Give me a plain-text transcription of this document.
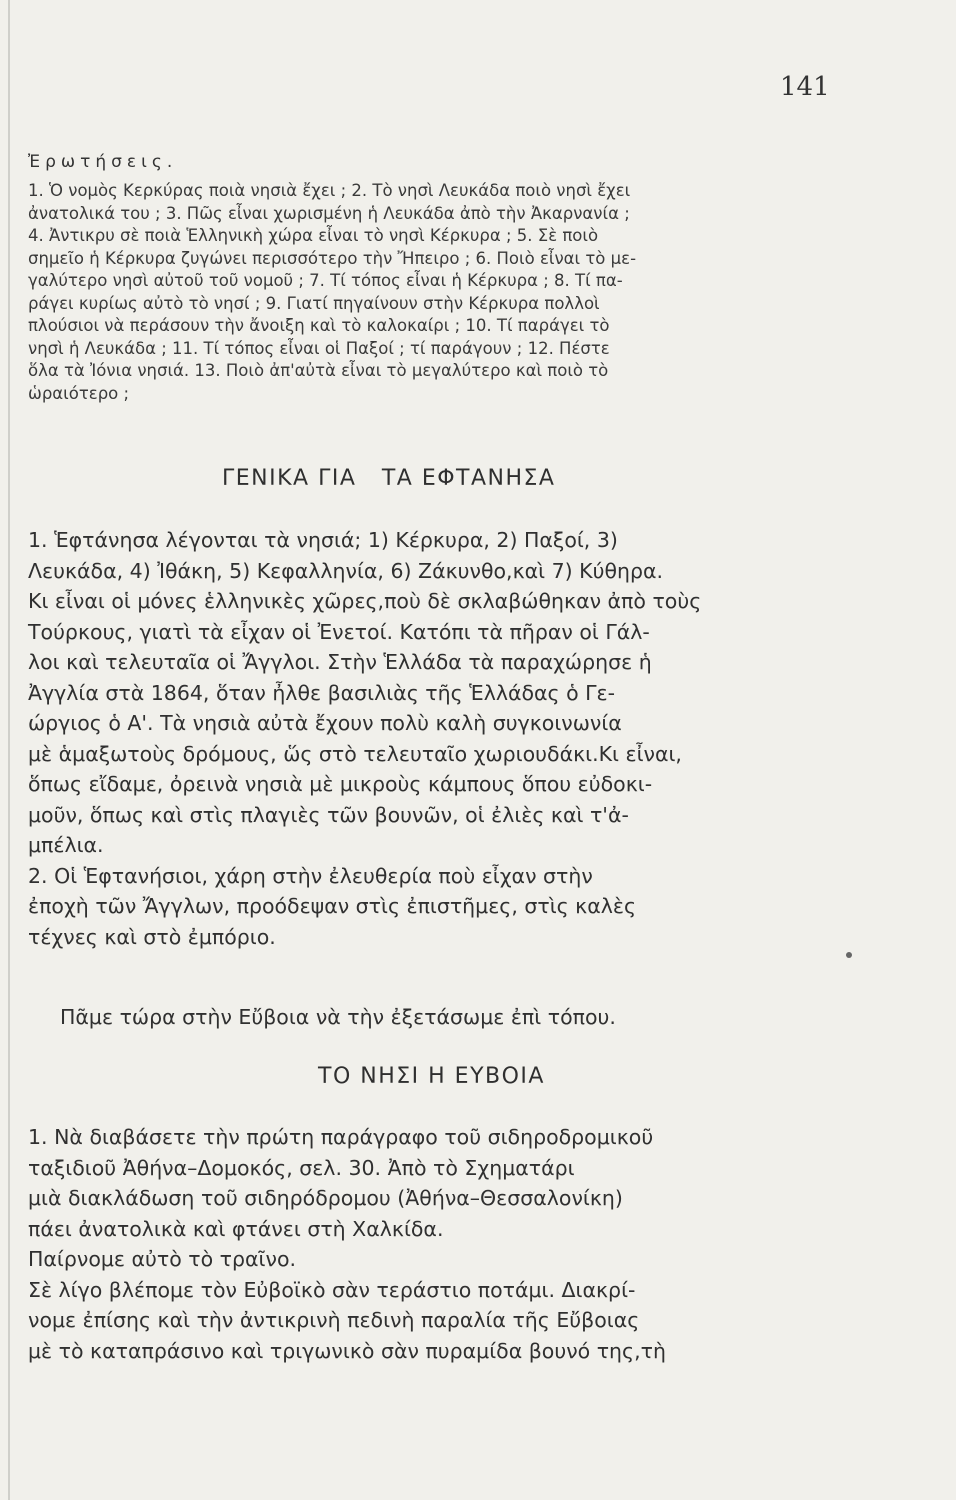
141
Ἐρωτήσεις.
1. Ὁ νομὸς Κερκύρας ποιὰ νησιὰ ἔχει ; 2. Τὸ νησὶ Λευκάδα ποιὸ νησὶ ἔχει
ἀνατολικά του ; 3. Πῶς εἶναι χωρισμένη ἡ Λευκάδα ἀπὸ τὴν Ἀκαρνανία ;
4. Ἀντικρυ σὲ ποιὰ Ἑλληνικὴ χώρα εἶναι τὸ νησὶ Κέρκυρα ; 5. Σὲ ποιὸ
σημεῖο ἡ Κέρκυρα ζυγώνει περισσότερο τὴν Ἤπειρο ; 6. Ποιὸ εἶναι τὸ με-
γαλύτερο νησὶ αὐτοῦ τοῦ νομοῦ ; 7. Τί τόπος εἶναι ἡ Κέρκυρα ; 8. Τί πα-
ράγει κυρίως αὐτὸ τὸ νησί ; 9. Γιατί πηγαίνουν στὴν Κέρκυρα πολλοὶ
πλούσιοι νὰ περάσουν τὴν ἄνοιξη καὶ τὸ καλοκαίρι ; 10. Τί παράγει τὸ
νησὶ ἡ Λευκάδα ; 11. Τί τόπος εἶναι οἱ Παξοί ; τί παράγουν ; 12. Πέστε
ὅλα τὰ Ἰόνια νησιά. 13. Ποιὸ ἀπ'αὐτὰ εἶναι τὸ μεγαλύτερο καὶ ποιὸ τὸ
ὡραιότερο ;
ΓΕΝΙΚΑ ΓΙΑ   ΤΑ ΕΦΤΑΝΗΣΑ
1. Ἑφτάνησα λέγονται τὰ νησιά; 1) Κέρκυρα, 2) Παξοί, 3)
Λευκάδα, 4) Ἰθάκη, 5) Κεφαλληνία, 6) Ζάκυνθο,καὶ 7) Κύθηρα.
Κι εἶναι οἱ μόνες ἑλληνικὲς χῶρες,ποὺ δὲ σκλαβώθηκαν ἀπὸ τοὺς
Τούρκους, γιατὶ τὰ εἶχαν οἱ Ἐνετοί. Κατόπι τὰ πῆραν οἱ Γάλ-
λοι καὶ τελευταῖα οἱ Ἄγγλοι. Στὴν Ἑλλάδα τὰ παραχώρησε ἡ
Ἀγγλία στὰ 1864, ὅταν ἦλθε βασιλιὰς τῆς Ἑλλάδας ὁ Γε-
ώργιος ὁ Α'. Τὰ νησιὰ αὐτὰ ἔχουν πολὺ καλὴ συγκοινωνία
μὲ ἁμαξωτοὺς δρόμους, ὥς στὸ τελευταῖο χωριουδάκι.Κι εἶναι,
ὅπως εἴδαμε, ὀρεινὰ νησιὰ μὲ μικροὺς κάμπους ὅπου εὐδοκι-
μοῦν, ὅπως καὶ στὶς πλαγιὲς τῶν βουνῶν, οἱ ἐλιὲς καὶ τ'ἀ-
μπέλια.
2. Οἱ Ἑφτανήσιοι, χάρη στὴν ἐλευθερία ποὺ εἶχαν στὴν
ἐποχὴ τῶν Ἄγγλων, προόδεψαν στὶς ἐπιστῆμες, στὶς καλὲς
τέχνες καὶ στὸ ἐμπόριο.
Πᾶμε τώρα στὴν Εὔβοια νὰ τὴν ἐξετάσωμε ἐπὶ τόπου.
ΤΟ ΝΗΣΙ Η ΕΥΒΟΙΑ
1. Νὰ διαβάσετε τὴν πρώτη παράγραφο τοῦ σιδηροδρομικοῦ
ταξιδιοῦ Ἀθήνα–Δομοκός, σελ. 30. Ἀπὸ τὸ Σχηματάρι
μιὰ διακλάδωση τοῦ σιδηρόδρομου (Ἀθήνα–Θεσσαλονίκη)
πάει ἀνατολικὰ καὶ φτάνει στὴ Χαλκίδα.
Παίρνομε αὐτὸ τὸ τραῖνο.
Σὲ λίγο βλέπομε τὸν Εὐβοϊκὸ σὰν τεράστιο ποτάμι. Διακρί-
νομε ἐπίσης καὶ τὴν ἀντικρινὴ πεδινὴ παραλία τῆς Εὔβοιας
μὲ τὸ καταπράσινο καὶ τριγωνικὸ σὰν πυραμίδα βουνό της,τὴ
